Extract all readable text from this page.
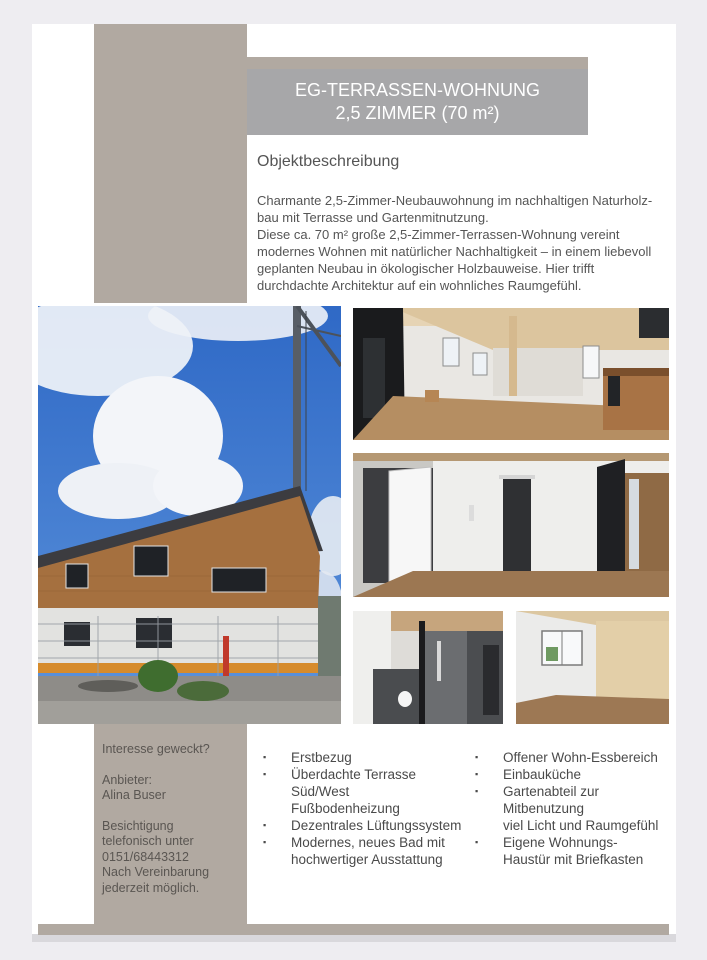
EG-TERRASSEN-WOHNUNG
2,5 ZIMMER (70 m²)
Objektbeschreibung

Charmante 2,5-Zimmer-Neubauwohnung im nachhaltigen Naturholz-bau mit Terrasse und Gartenmitnutzung.

Diese ca. 70 m² große 2,5-Zimmer-Terrassen-Wohnung vereint modernes Wohnen mit natürlicher Nachhaltigkeit – in einem liebevoll geplanten Neubau in ökologischer Holzbauweise. Hier trifft durchdachte Architektur auf ein wohnliches Raumgefühl.

Interesse geweckt?

Anbieter:
Alina Buser

Besichtigung
telefonisch unter
0151/68443312
Nach Vereinbarung
jederzeit möglich.

▪ Erstbezug
▪ Überdachte Terrasse Süd/West
Fußbodenheizung
▪ Dezentrales Lüftungssystem
▪ Modernes, neues Bad mit hochwertiger Ausstattung
▪ Offener Wohn-Essbereich
▪ Einbauküche
▪ Gartenabteil zur Mitbenutzung
viel Licht und Raumgefühl
▪ Eigene Wohnungs-Haustür mit Briefkasten
